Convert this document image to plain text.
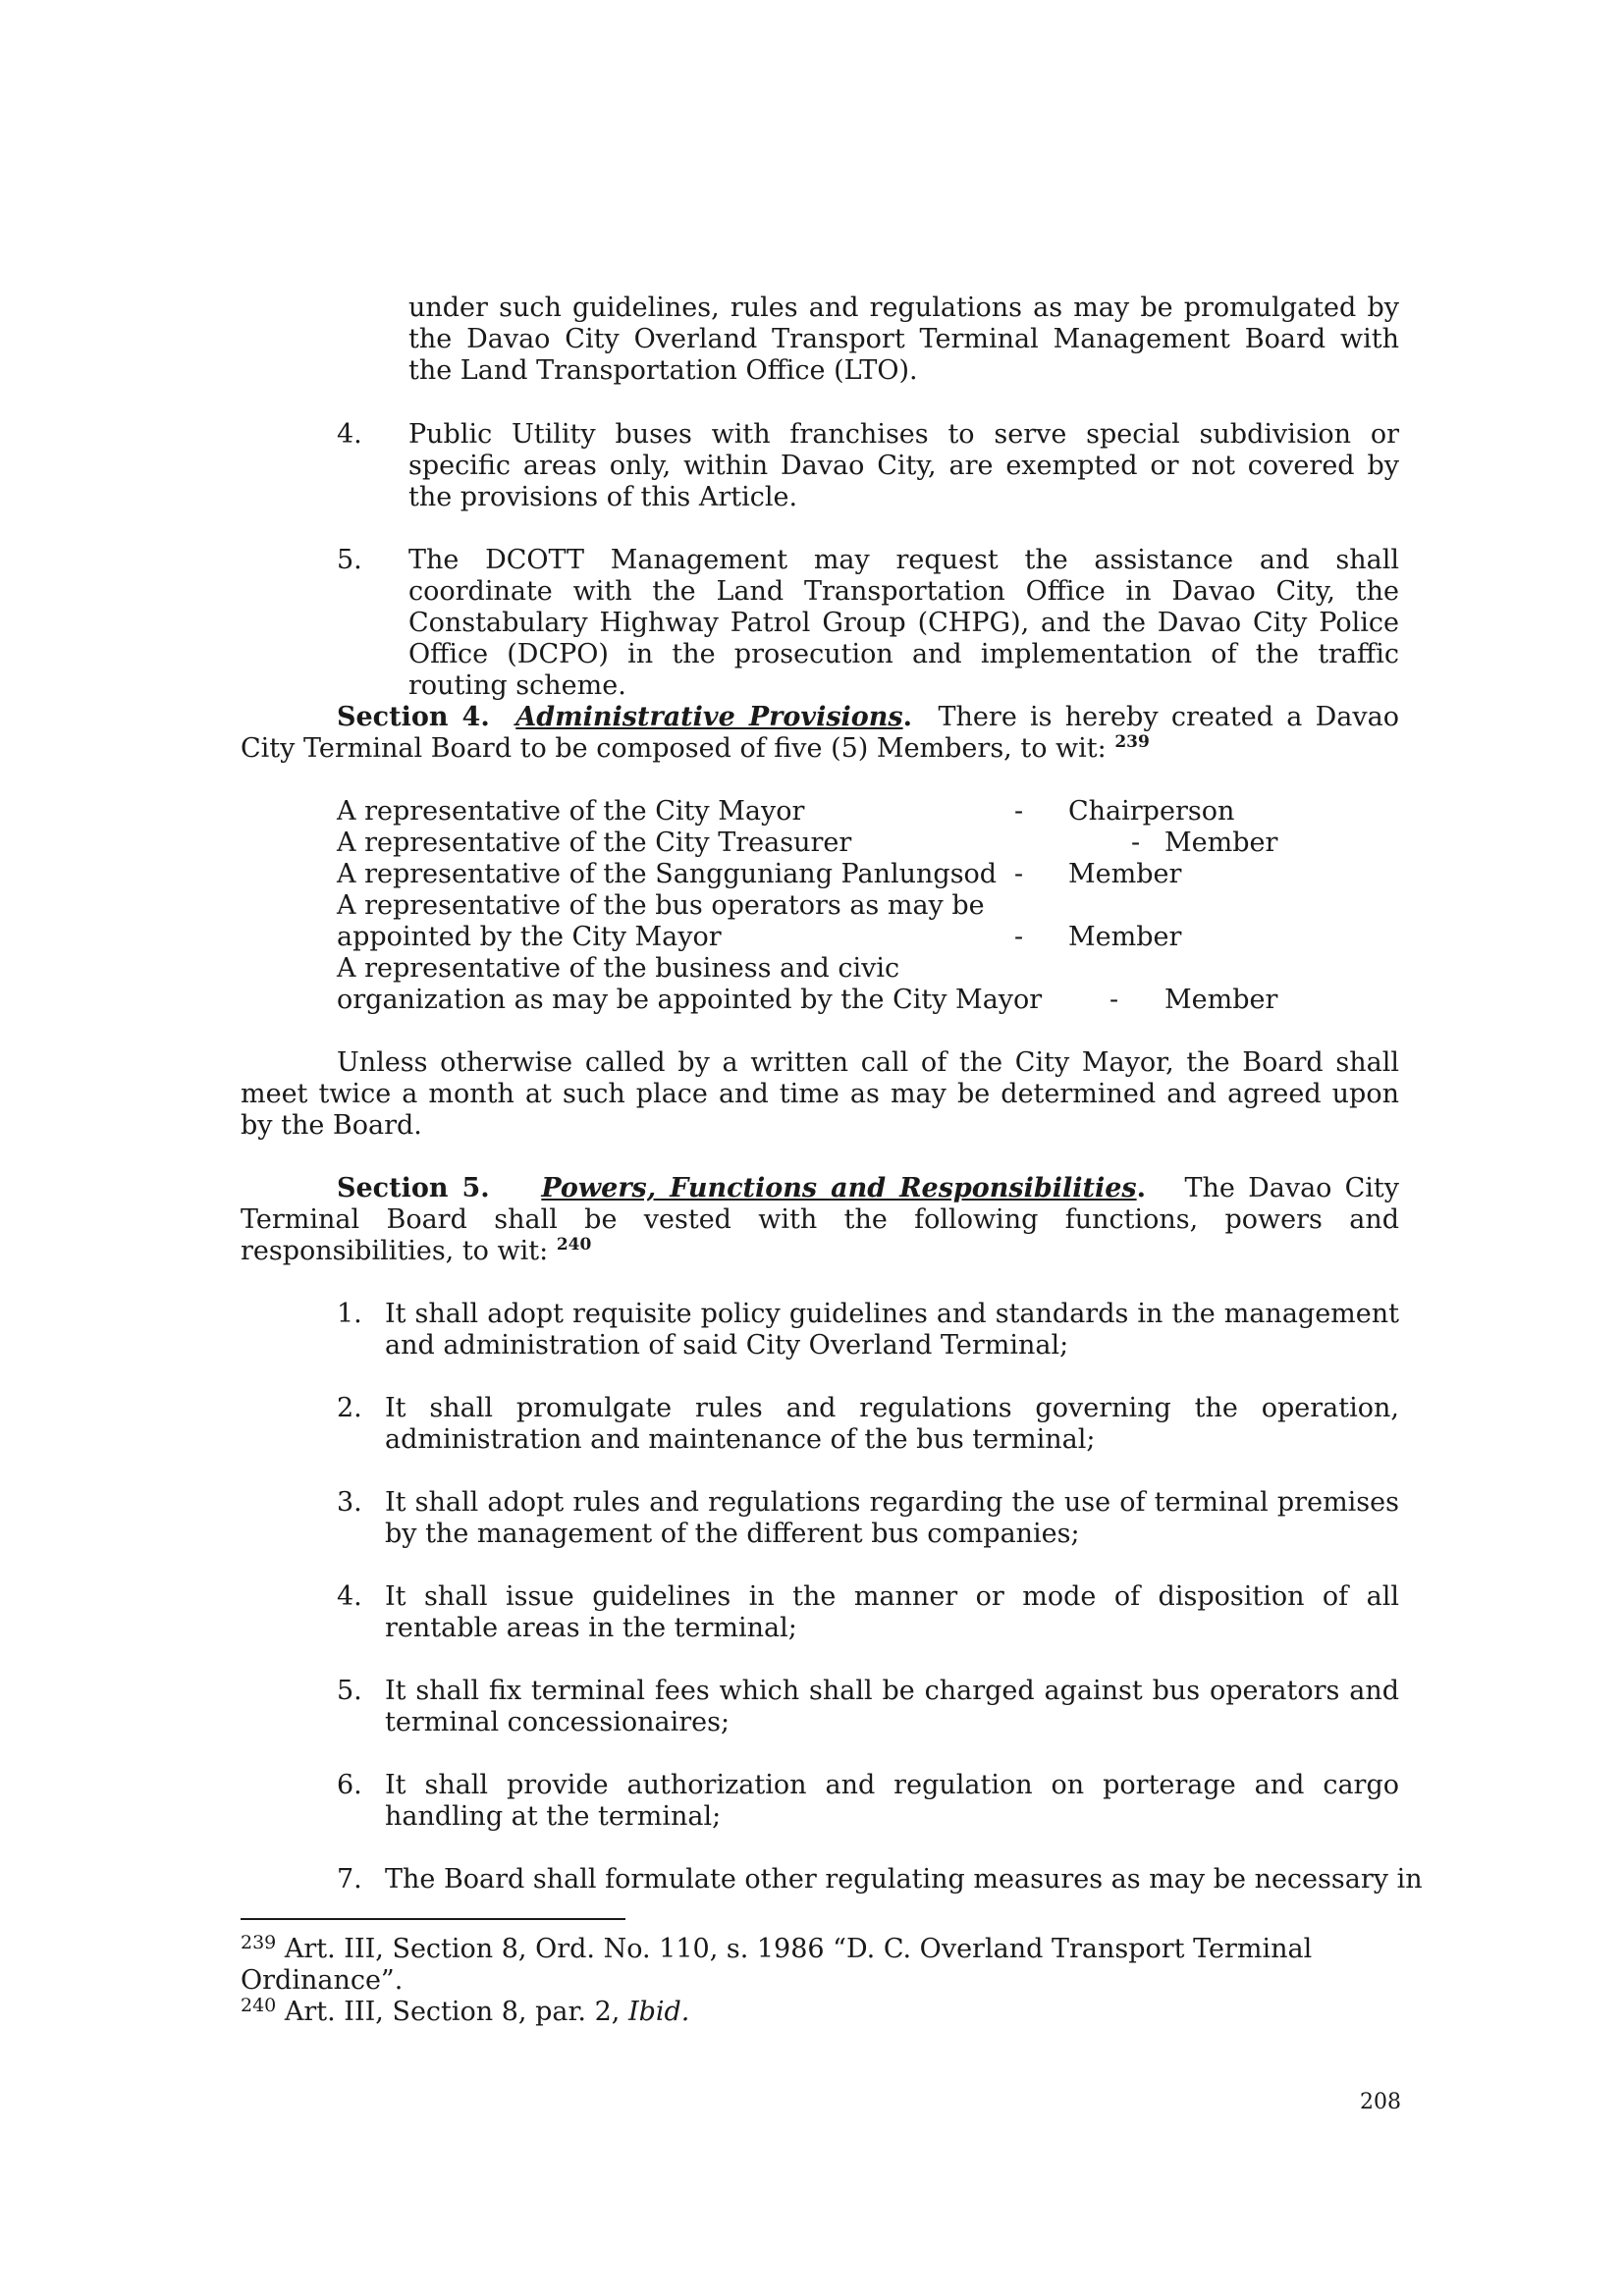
under such guidelines, rules and regulations as may be promulgated by the Davao City Overland Transport Terminal Management Board with the Land Transportation Office (LTO).

4. Public Utility buses with franchises to serve special subdivision or specific areas only, within Davao City, are exempted or not covered by the provisions of this Article.

5. The DCOTT Management may request the assistance and shall coordinate with the Land Transportation Office in Davao City, the Constabulary Highway Patrol Group (CHPG), and the Davao City Police Office (DCPO) in the prosecution and implementation of the traffic routing scheme.

Section 4. Administrative Provisions. There is hereby created a Davao City Terminal Board to be composed of five (5) Members, to wit: $^{239}$

A representative of the City Mayor	- Chairperson
A representative of the City Treasurer	- Member
A representative of the Sangguniang Panlungsod - Member
A representative of the bus operators as may be
appointed by the City Mayor	- Member
A representative of the business and civic
organization as may be appointed by the City Mayor	- Member

Unless otherwise called by a written call of the City Mayor, the Board shall meet twice a month at such place and time as may be determined and agreed upon by the Board.

Section 5. Powers, Functions and Responsibilities. The Davao City Terminal Board shall be vested with the following functions, powers and responsibilities, to wit: $^{240}$

1. It shall adopt requisite policy guidelines and standards in the management and administration of said City Overland Terminal;

2. It shall promulgate rules and regulations governing the operation, administration and maintenance of the bus terminal;

3. It shall adopt rules and regulations regarding the use of terminal premises by the management of the different bus companies;

4. It shall issue guidelines in the manner or mode of disposition of all rentable areas in the terminal;

5. It shall fix terminal fees which shall be charged against bus operators and terminal concessionaires;

6. It shall provide authorization and regulation on porterage and cargo handling at the terminal;

7. The Board shall formulate other regulating measures as may be necessary in

$^{239}$ Art. III, Section 8, Ord. No. 110, s. 1986 “D. C. Overland Transport Terminal Ordinance”.
$^{240}$ Art. III, Section 8, par. 2, Ibid.
208
